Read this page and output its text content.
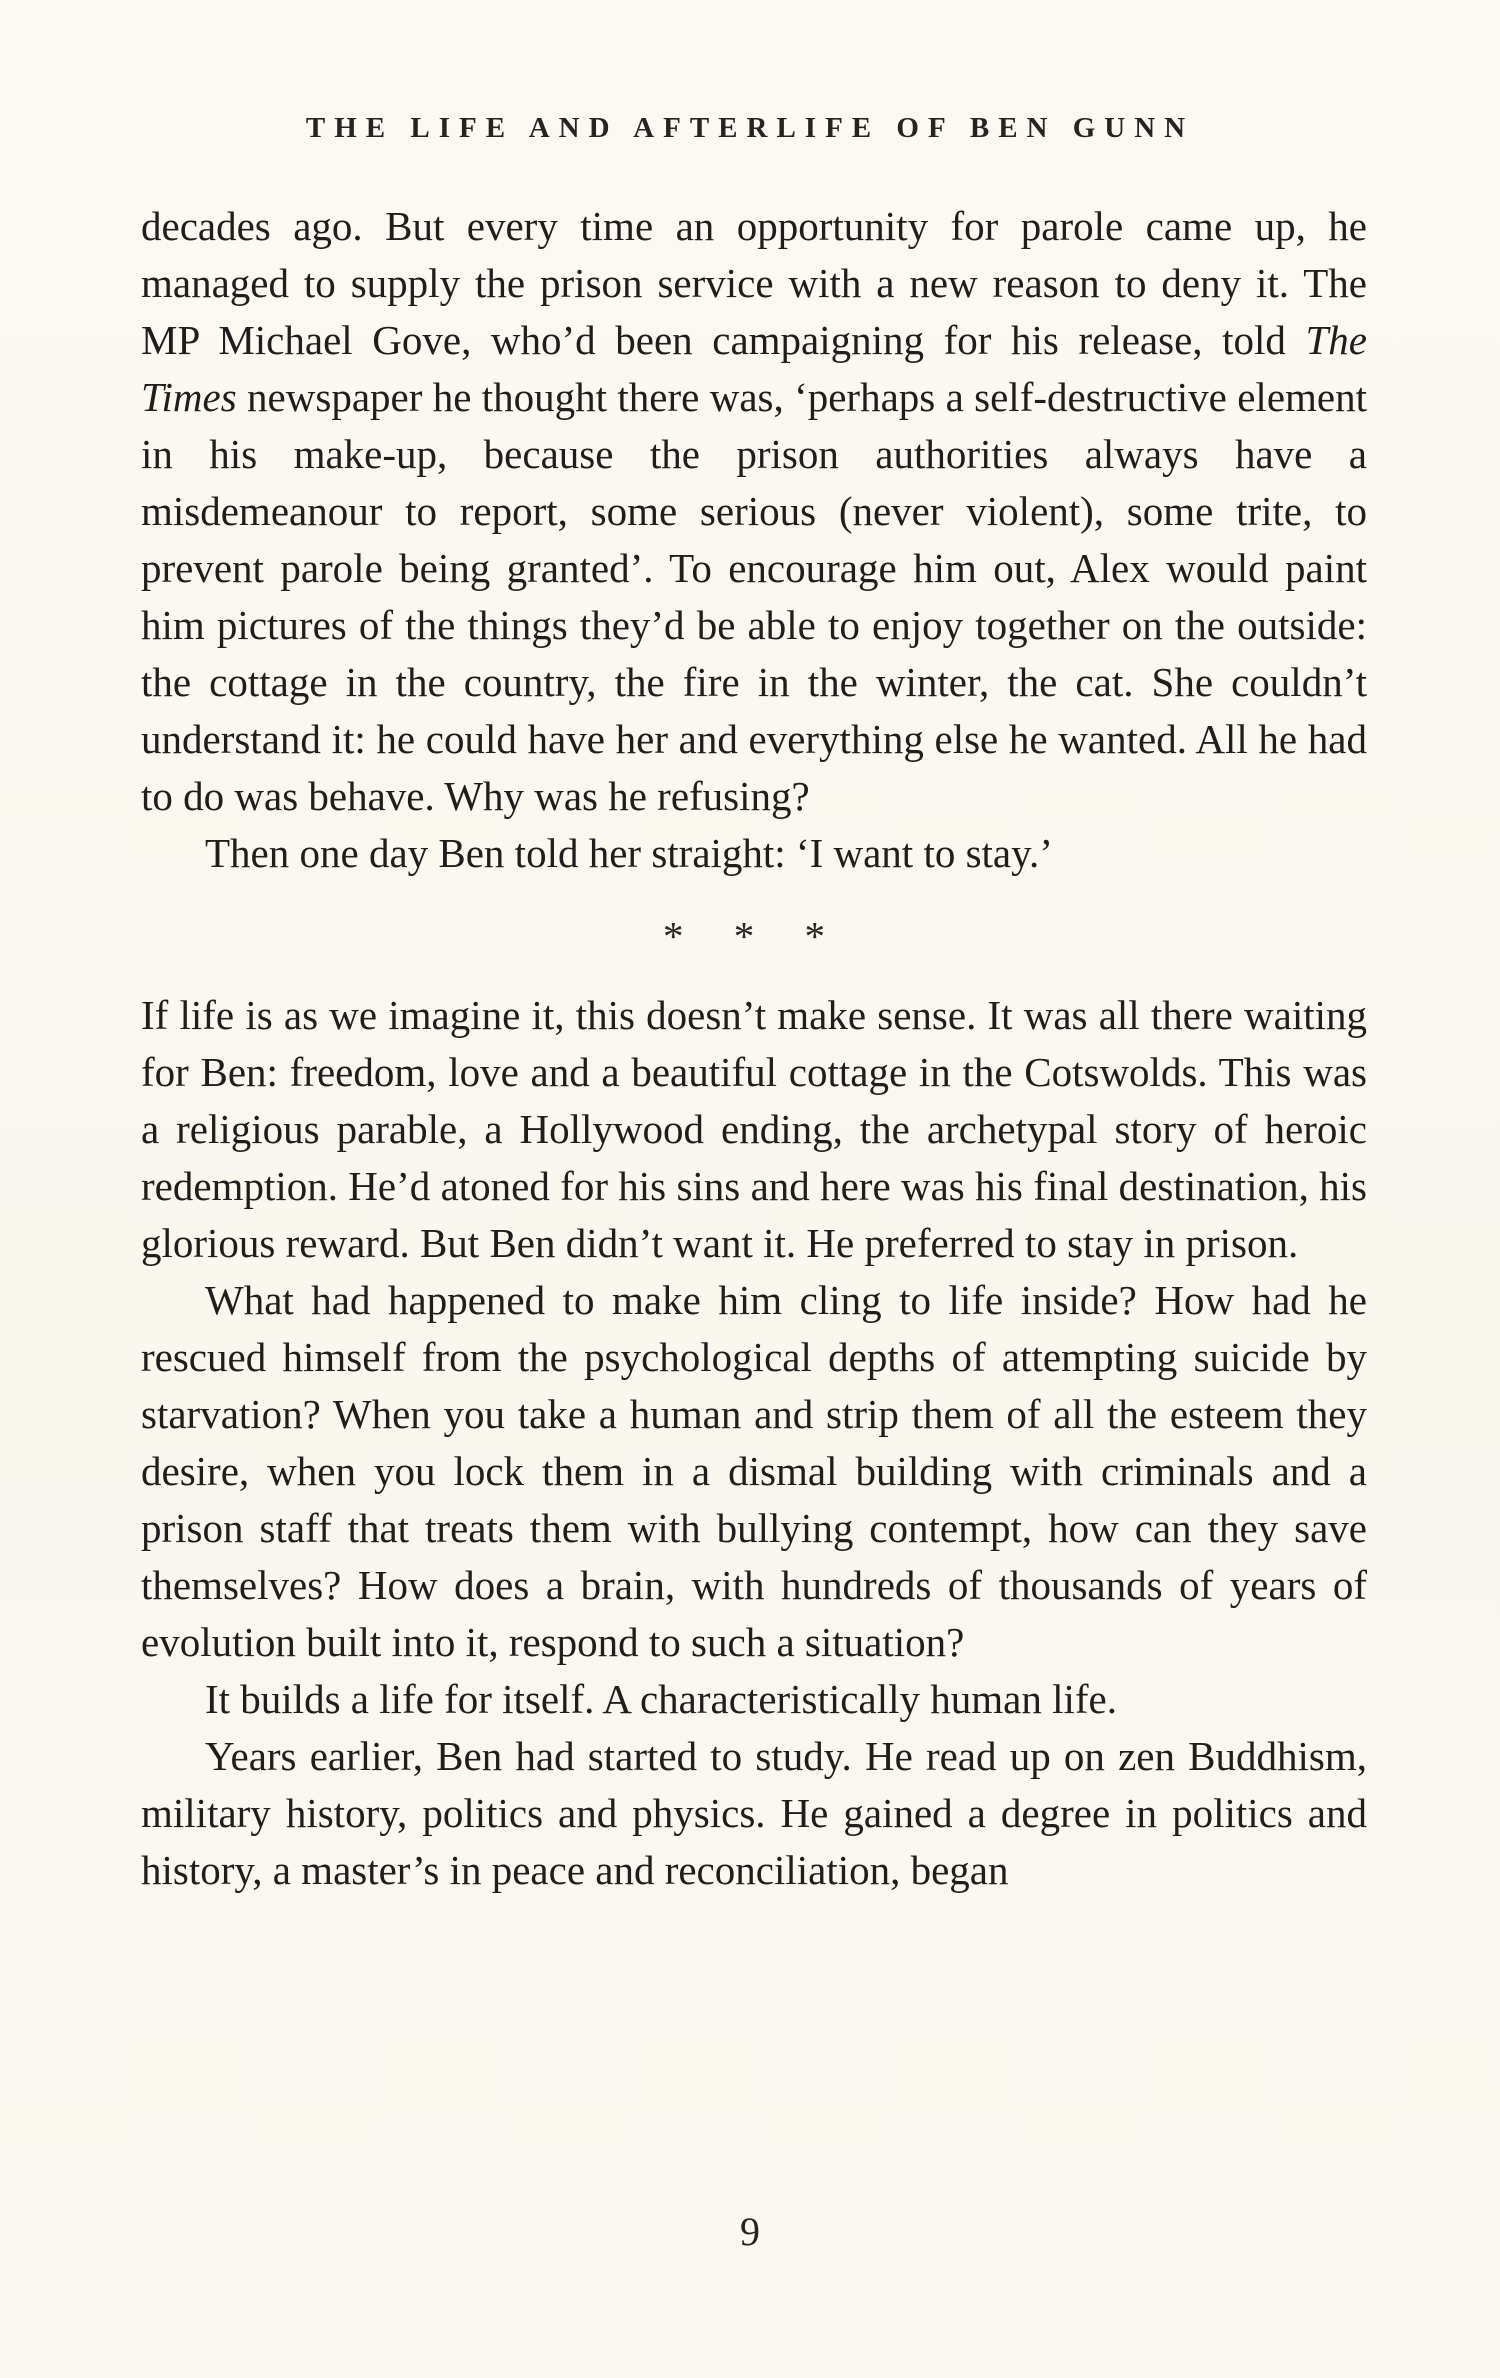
THE LIFE AND AFTERLIFE OF BEN GUNN

decades ago. But every time an opportunity for parole came up, he managed to supply the prison service with a new reason to deny it. The MP Michael Gove, who’d been campaigning for his release, told The Times newspaper he thought there was, ‘perhaps a self-destructive element in his make-up, because the prison authorities always have a misdemeanour to report, some serious (never violent), some trite, to prevent parole being granted’. To encourage him out, Alex would paint him pictures of the things they’d be able to enjoy together on the outside: the cottage in the country, the fire in the winter, the cat. She couldn’t understand it: he could have her and everything else he wanted. All he had to do was behave. Why was he refusing?

Then one day Ben told her straight: ‘I want to stay.’

* * *

If life is as we imagine it, this doesn’t make sense. It was all there waiting for Ben: freedom, love and a beautiful cottage in the Cotswolds. This was a religious parable, a Hollywood ending, the archetypal story of heroic redemption. He’d atoned for his sins and here was his final destination, his glorious reward. But Ben didn’t want it. He preferred to stay in prison.

What had happened to make him cling to life inside? How had he rescued himself from the psychological depths of attempting suicide by starvation? When you take a human and strip them of all the esteem they desire, when you lock them in a dismal building with criminals and a prison staff that treats them with bullying contempt, how can they save themselves? How does a brain, with hundreds of thousands of years of evolution built into it, respond to such a situation?

It builds a life for itself. A characteristically human life.

Years earlier, Ben had started to study. He read up on zen Buddhism, military history, politics and physics. He gained a degree in politics and history, a master’s in peace and reconciliation, began

9
